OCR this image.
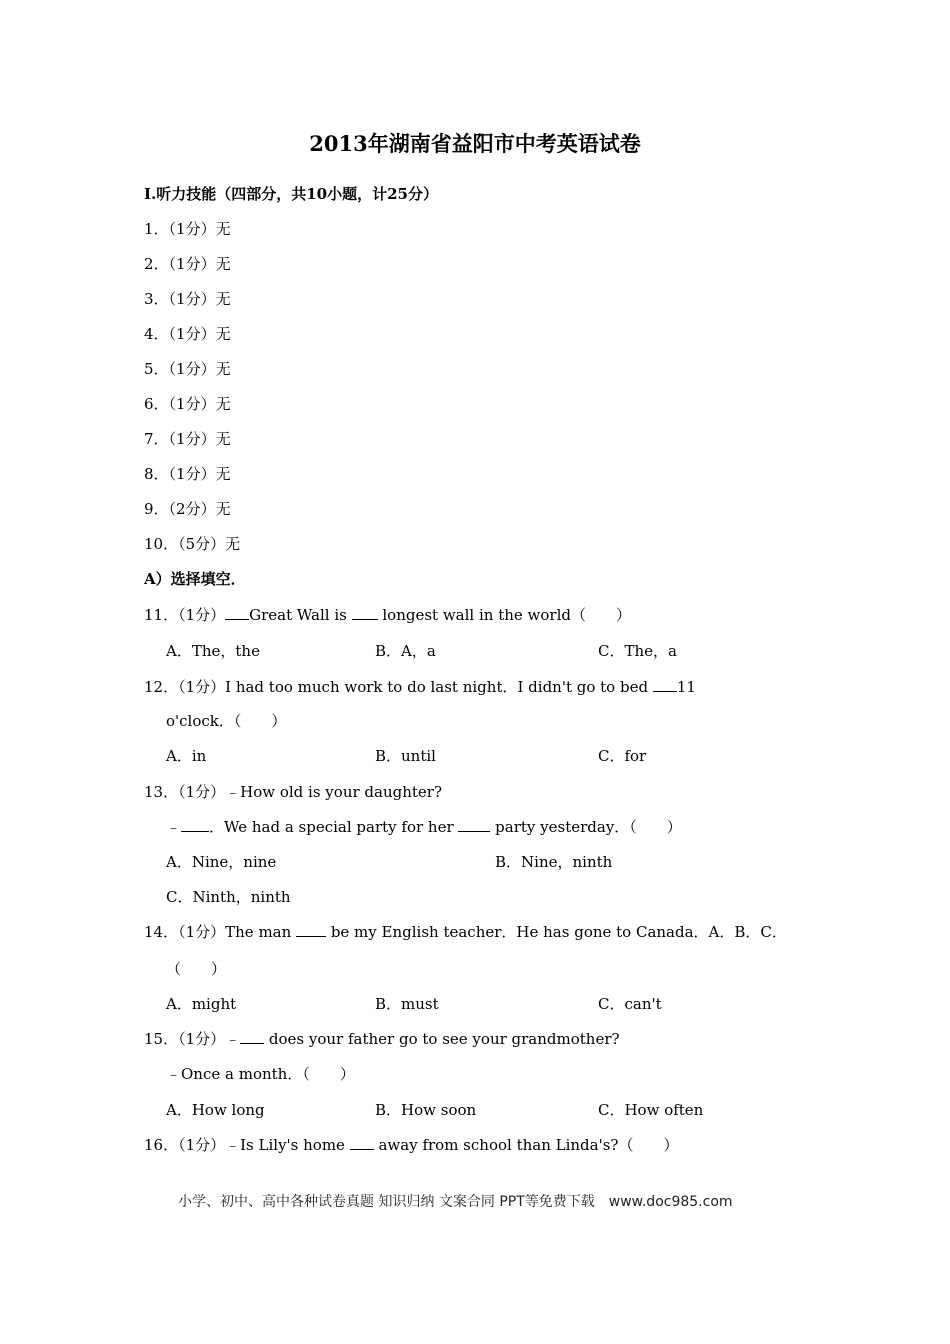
2013年湖南省益阳市中考英语试卷
Ⅰ.听力技能（四部分，共10小题，计25分）
1．（1分）无
2．（1分）无
3．（1分）无
4．（1分）无
5．（1分）无
6．（1分）无
7．（1分）无
8．（1分）无
9．（2分）无
10．（5分）无
A）选择填空．
11．（1分） Great Wall is  longest wall in the world（　　）
A．The，the	B．A，a	C．The，a
12．（1分）I had too much work to do last night．I didn't go to bed 11
o'clock．（　　）
A．in	B．until	C．for
13．（1分）﹣How old is your daughter?
﹣ ．We had a special party for her  party yesterday．（　　）
A．Nine，nine	B．Nine，ninth
C．Ninth，ninth
14．（1分）The man  be my English teacher．He has gone to Canada．A．B．C．
（　　）
A．might	B．must	C．can't
15．（1分）﹣ does your father go to see your grandmother?
﹣Once a month．（　　）
A．How long	B．How soon	C．How often
16．（1分）﹣Is Lily's home  away from school than Linda's?（　　）
小学、初中、高中各种试卷真题 知识归纳 文案合同 PPT等免费下载　www.doc985.com
